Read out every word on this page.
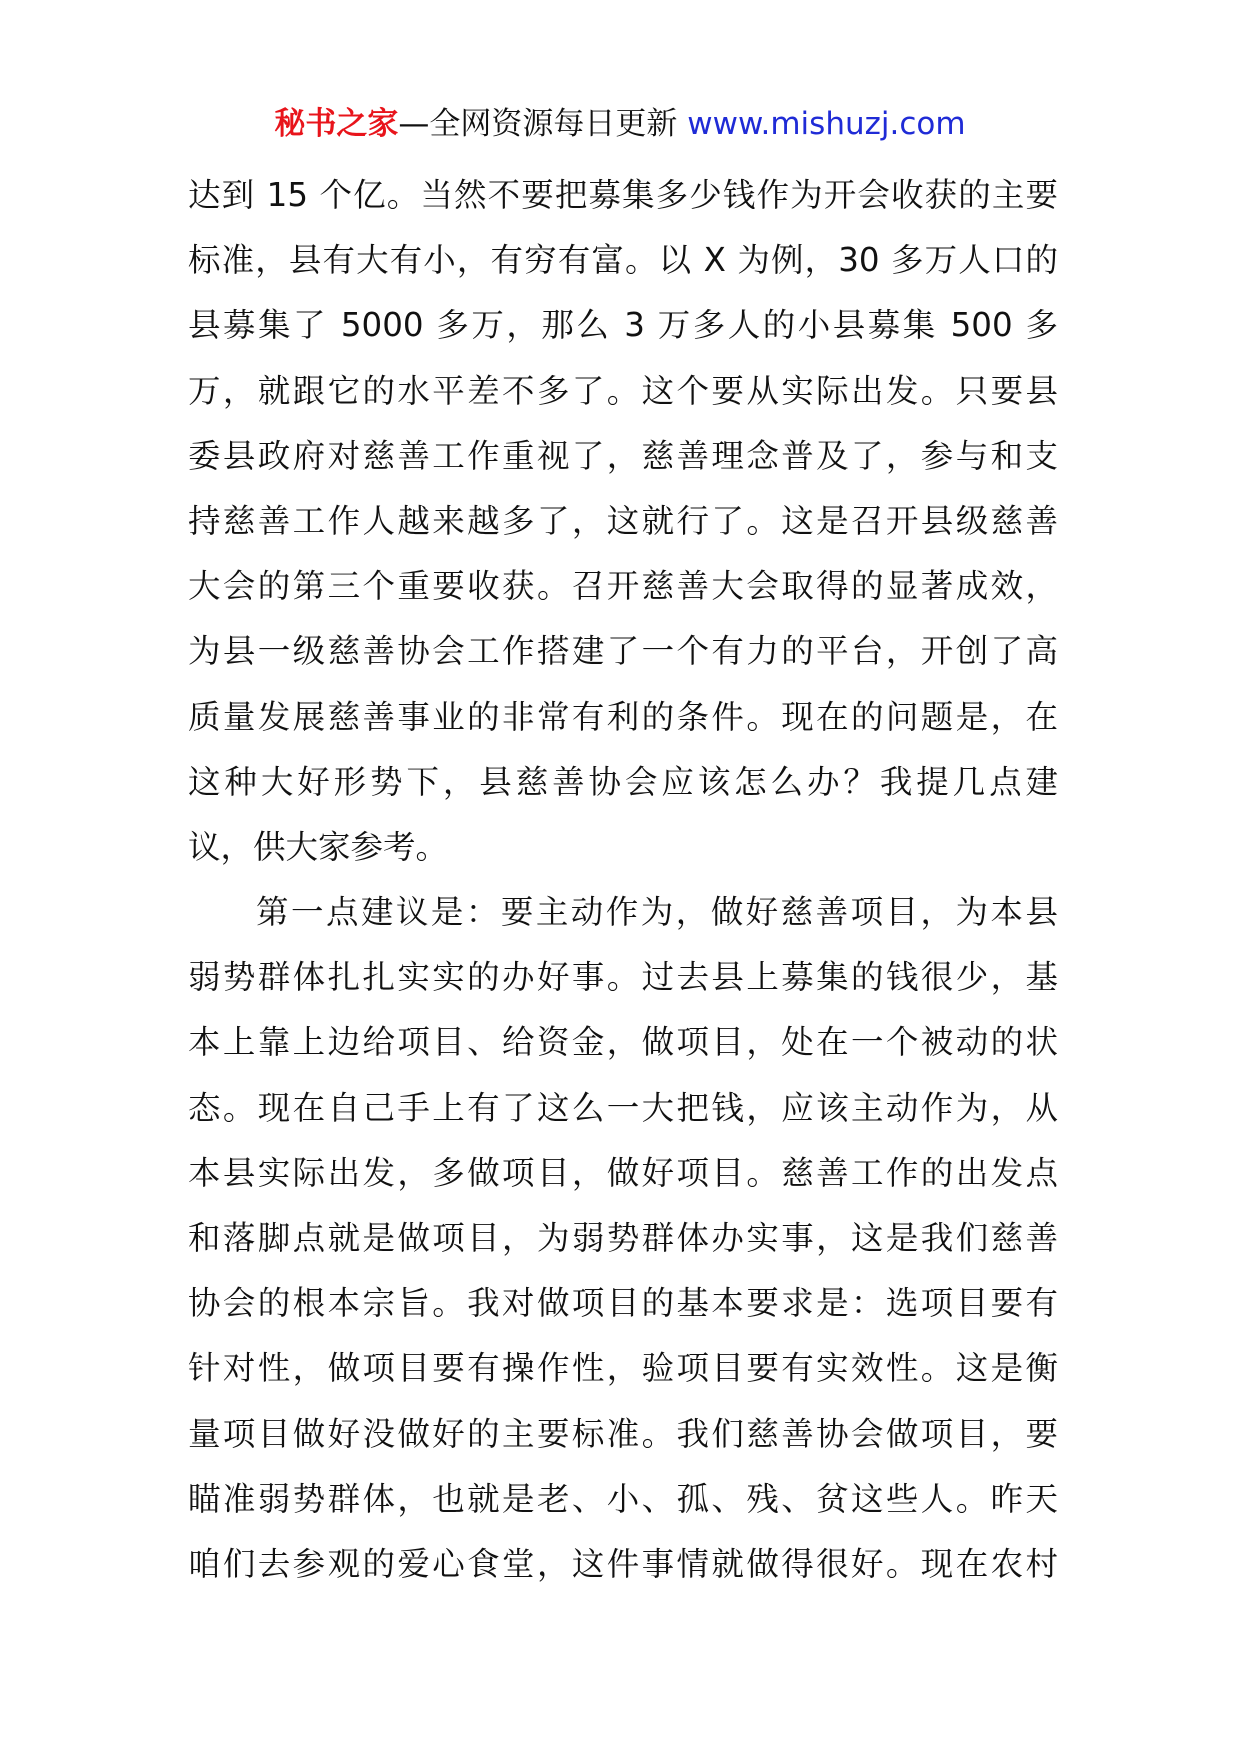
秘书之家—全网资源每日更新 www.mishuzj.com
达到 15 个亿。当然不要把募集多少钱作为开会收获的主要
标准，县有大有小，有穷有富。以 X 为例，30 多万人口的
县募集了 5000 多万，那么 3 万多人的小县募集 500 多
万，就跟它的水平差不多了。这个要从实际出发。只要县
委县政府对慈善工作重视了，慈善理念普及了，参与和支
持慈善工作人越来越多了，这就行了。这是召开县级慈善
大会的第三个重要收获。召开慈善大会取得的显著成效，
为县一级慈善协会工作搭建了一个有力的平台，开创了高
质量发展慈善事业的非常有利的条件。现在的问题是，在
这种大好形势下，县慈善协会应该怎么办？我提几点建
议，供大家参考。
第一点建议是：要主动作为，做好慈善项目，为本县
弱势群体扎扎实实的办好事。过去县上募集的钱很少，基
本上靠上边给项目、给资金，做项目，处在一个被动的状
态。现在自己手上有了这么一大把钱，应该主动作为，从
本县实际出发，多做项目，做好项目。慈善工作的出发点
和落脚点就是做项目，为弱势群体办实事，这是我们慈善
协会的根本宗旨。我对做项目的基本要求是：选项目要有
针对性，做项目要有操作性，验项目要有实效性。这是衡
量项目做好没做好的主要标准。我们慈善协会做项目，要
瞄准弱势群体，也就是老、小、孤、残、贫这些人。昨天
咱们去参观的爱心食堂，这件事情就做得很好。现在农村
